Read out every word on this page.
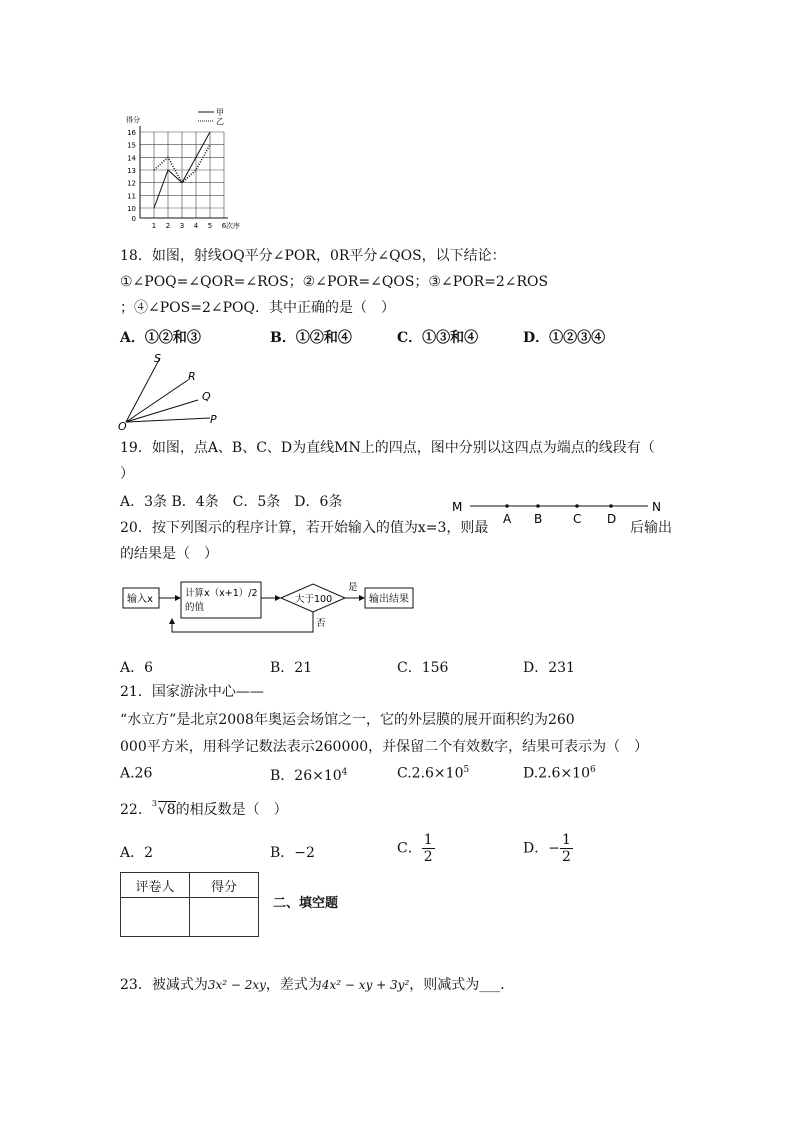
0
10
11
12
13
14
15
16
1 2 3 4 5 6
得分
次序
甲
乙
18．如图，射线OQ平分∠POR，0R平分∠QOS，以下结论：
①∠POQ=∠QOR=∠ROS；②∠POR=∠QOS；③∠POR=2∠ROS
；④∠POS=2∠POQ．其中正确的是（　）
A．①②和③	B．①②和④	C．①③和④	D．①②③④
S
R
Q
P
O
19．如图，点A、B、C、D为直线MN上的四点，图中分别以这四点为端点的线段有（
）
A．3条 B．4条　C．5条　D．6条	M
A B	C D
N
20．按下列图示的程序计算，若开始输入的值为x=3，则最	后输出
的结果是（　）
输入x
计算x（x+1）/2
的值
大于100
是
输出结果
否
A．6	B．21	C．156	D．231
21．国家游泳中心——
“水立方”是北京2008年奥运会场馆之一，它的外层膜的展开面积约为260
000平方米，用科学记数法表示260000，并保留二个有效数字，结果可表示为（　）
A.26	B．$26\times 10^4$	$C.2.6\times 10^5$	$D.2.6\times 10^6$
22． 3 √8的相反数是（　）
A．2	B．−2	C． $\frac{1}{2}$	D．− $\frac{1}{2}$
评卷人	得分

二、填空题
23．被减式为3x² − 2xy，差式为4x² − xy + 3y²，则减式为___．
